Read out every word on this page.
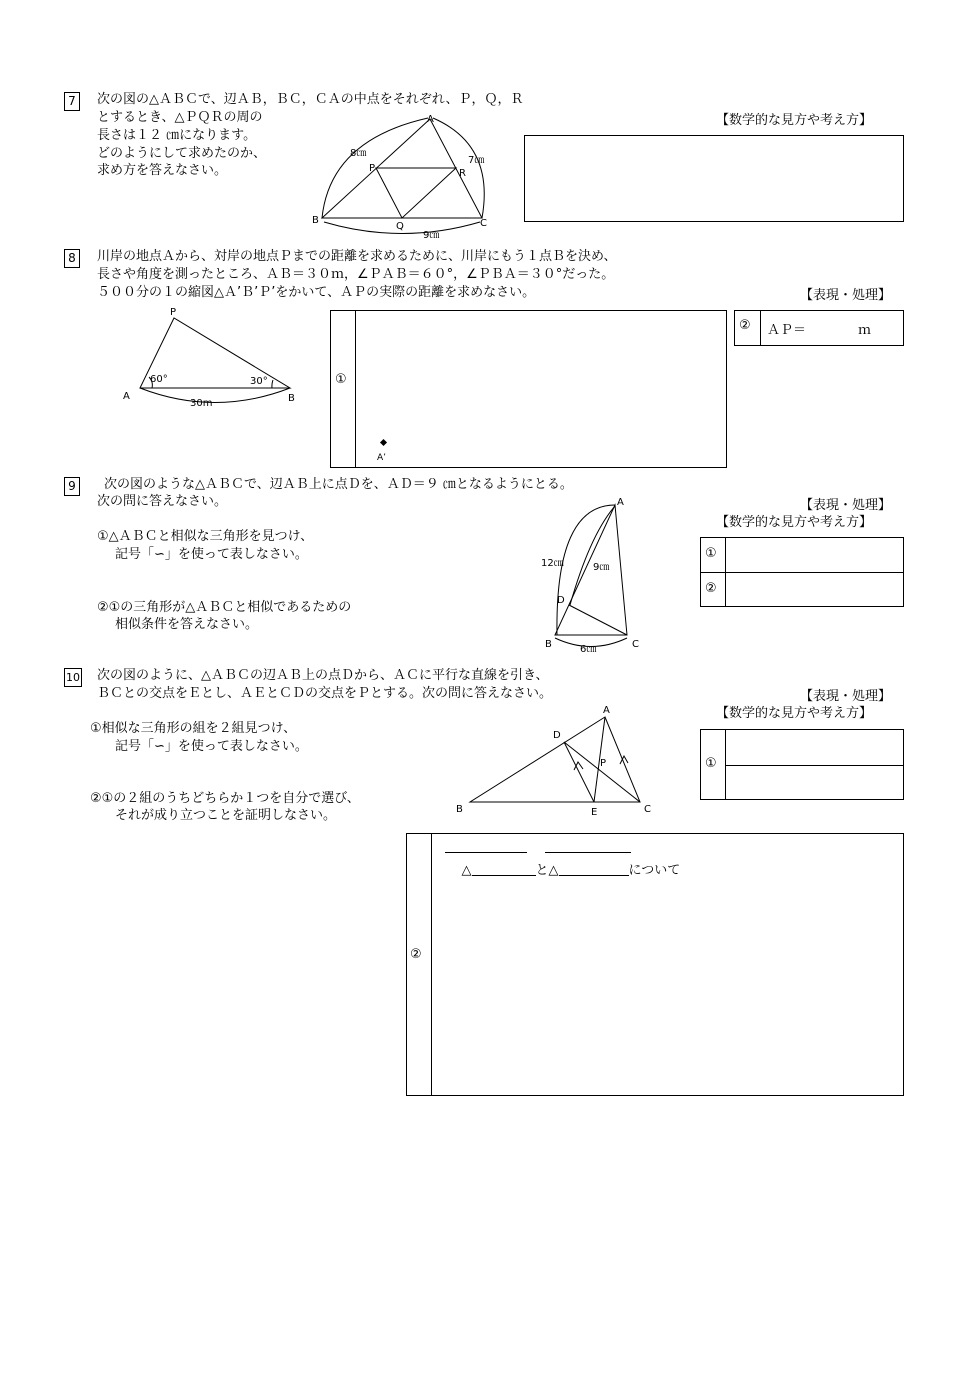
7	次の図の△ＡＢＣで、辺ＡＢ，ＢＣ，ＣＡの中点をそれぞれ、Ｐ，Ｑ，Ｒ
とするとき、△ＰＱＲの周の
長さは１２ ㎝になります。
どのようにして求めたのか、
求め方を答えなさい。
【数学的な見方や考え方】
A
B	C
P
Q
R
8㎝
7㎝
9㎝
8	川岸の地点Ａから、対岸の地点Ｐまでの距離を求めるために、川岸にもう１点Ｂを決め、
長さや角度を測ったところ、ＡＢ＝３０ｍ，∠ＰＡＢ＝６０°，∠ＰＢＡ＝３０°だった。
５００分の１の縮図△Ａ’Ｂ’Ｐ’をかいて、ＡＰの実際の距離を求めなさい。	【表現・処理】
P
A	B
60°	30°
30m
①
A’
② ＡＰ＝	ｍ
9	次の図のような△ＡＢＣで、辺ＡＢ上に点Ｄを、ＡＤ＝９ ㎝となるようにとる。
次の問に答えなさい。	【表現・処理】
【数学的な見方や考え方】
①△ＡＢＣと相似な三角形を見つけ、
記号「∽」を使って表しなさい。
②①の三角形が△ＡＢＣと相似であるための
相似条件を答えなさい。
A
B	C
D
12㎝	9㎝
6㎝
①
②
10 次の図のように、△ＡＢＣの辺ＡＢ上の点Ｄから、ＡＣに平行な直線を引き、
ＢＣとの交点をＥとし、ＡＥとＣＤの交点をＰとする。次の問に答えなさい。	【表現・処理】
【数学的な見方や考え方】
①相似な三角形の組を２組見つけ、
記号「∽」を使って表しなさい。
②①の２組のうちどちらか１つを自分で選び、
それが成り立つことを証明しなさい。
A
B	C
D
E
P	①
②

△	と△	について
